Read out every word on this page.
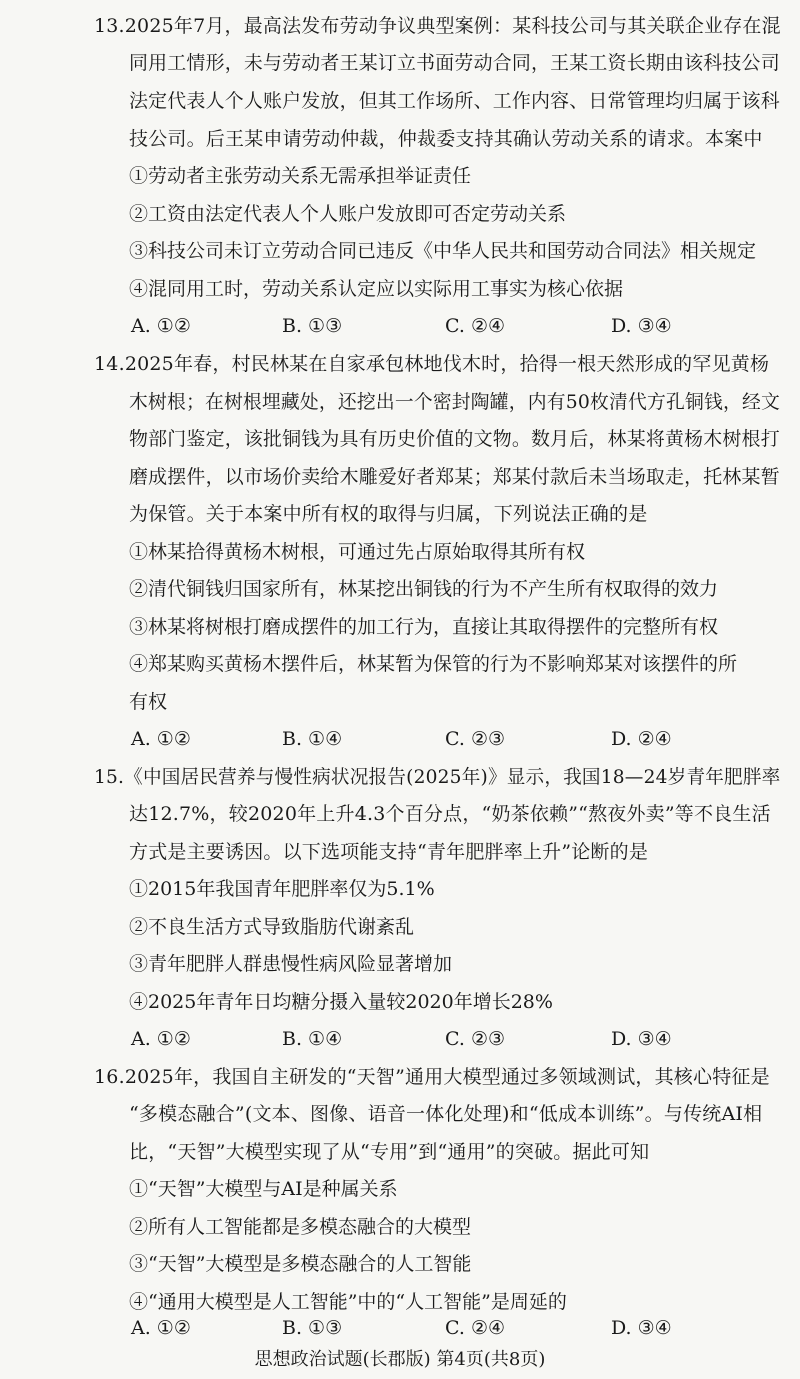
13.2025年7月，最高法发布劳动争议典型案例：某科技公司与其关联企业存在混
同用工情形，未与劳动者王某订立书面劳动合同，王某工资长期由该科技公司
法定代表人个人账户发放，但其工作场所、工作内容、日常管理均归属于该科
技公司。后王某申请劳动仲裁，仲裁委支持其确认劳动关系的请求。本案中
①劳动者主张劳动关系无需承担举证责任
②工资由法定代表人个人账户发放即可否定劳动关系
③科技公司未订立劳动合同已违反《中华人民共和国劳动合同法》相关规定
④混同用工时，劳动关系认定应以实际用工事实为核心依据
A. ①②	B. ①③	C. ②④	D. ③④
14.2025年春，村民林某在自家承包林地伐木时，拾得一根天然形成的罕见黄杨
木树根；在树根埋藏处，还挖出一个密封陶罐，内有50枚清代方孔铜钱，经文
物部门鉴定，该批铜钱为具有历史价值的文物。数月后，林某将黄杨木树根打
磨成摆件，以市场价卖给木雕爱好者郑某；郑某付款后未当场取走，托林某暂
为保管。关于本案中所有权的取得与归属，下列说法正确的是
①林某拾得黄杨木树根，可通过先占原始取得其所有权
②清代铜钱归国家所有，林某挖出铜钱的行为不产生所有权取得的效力
③林某将树根打磨成摆件的加工行为，直接让其取得摆件的完整所有权
④郑某购买黄杨木摆件后，林某暂为保管的行为不影响郑某对该摆件的所
有权
A. ①②	B. ①④	C. ②③	D. ②④
15.《中国居民营养与慢性病状况报告(2025年)》显示，我国18—24岁青年肥胖率
达12.7%，较2020年上升4.3个百分点，“奶茶依赖”“熬夜外卖”等不良生活
方式是主要诱因。以下选项能支持“青年肥胖率上升”论断的是
①2015年我国青年肥胖率仅为5.1%
②不良生活方式导致脂肪代谢紊乱
③青年肥胖人群患慢性病风险显著增加
④2025年青年日均糖分摄入量较2020年增长28%
A. ①②	B. ①④	C. ②③	D. ③④
16.2025年，我国自主研发的“天智”通用大模型通过多领域测试，其核心特征是
“多模态融合”(文本、图像、语音一体化处理)和“低成本训练”。与传统AI相
比，“天智”大模型实现了从“专用”到“通用”的突破。据此可知
①“天智”大模型与AI是种属关系
②所有人工智能都是多模态融合的大模型
③“天智”大模型是多模态融合的人工智能
④“通用大模型是人工智能”中的“人工智能”是周延的
A. ①②	B. ①③	C. ②④	D. ③④
思想政治试题(长郡版) 第4页(共8页)
